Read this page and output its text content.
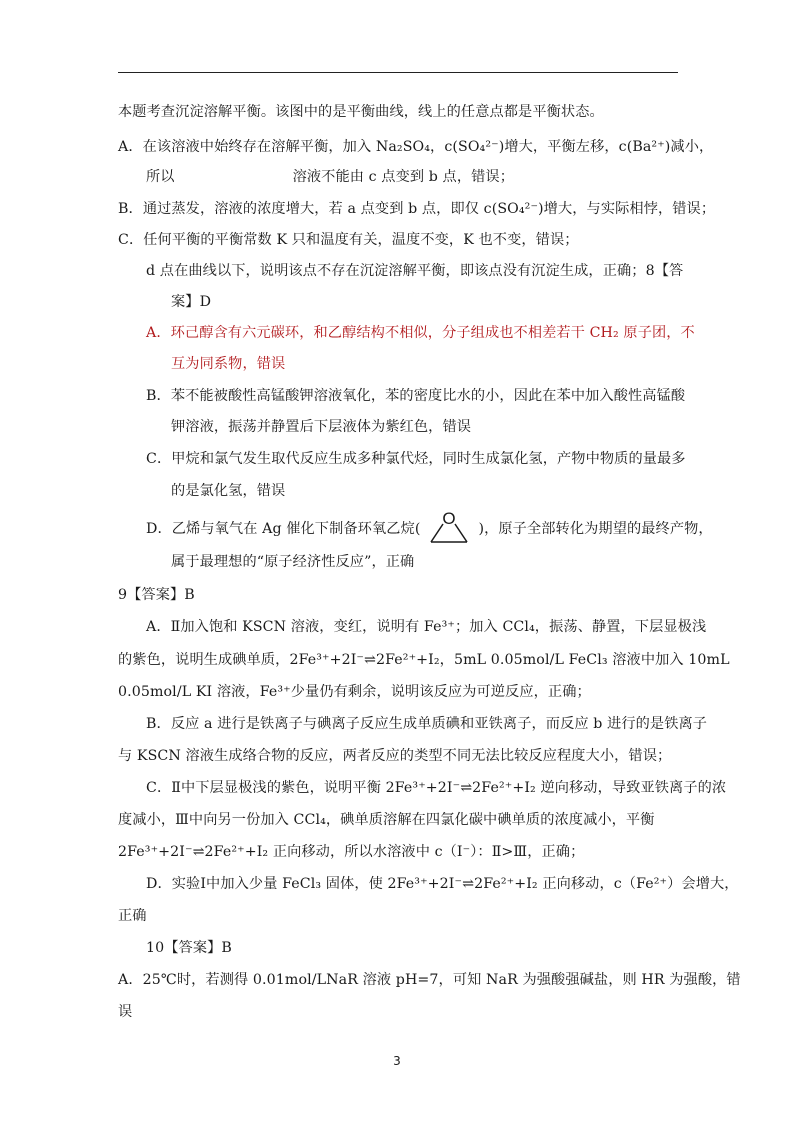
本题考查沉淀溶解平衡。该图中的是平衡曲线，线上的任意点都是平衡状态。
A．在该溶液中始终存在溶解平衡，加入 Na₂SO₄，c(SO₄²⁻)增大，平衡左移，c(Ba²⁺)减小，
所以	溶液不能由 c 点变到 b 点，错误；
B．通过蒸发，溶液的浓度增大，若 a 点变到 b 点，即仅 c(SO₄²⁻)增大，与实际相悖，错误；
C．任何平衡的平衡常数 K 只和温度有关，温度不变，K 也不变，错误；
d 点在曲线以下，说明该点不存在沉淀溶解平衡，即该点没有沉淀生成，正确；8【答
案】D
A．环己醇含有六元碳环，和乙醇结构不相似，分子组成也不相差若干 CH₂ 原子团，不
互为同系物，错误
B．苯不能被酸性高锰酸钾溶液氧化，苯的密度比水的小，因此在苯中加入酸性高锰酸
钾溶液，振荡并静置后下层液体为紫红色，错误
C．甲烷和氯气发生取代反应生成多种氯代烃，同时生成氯化氢，产物中物质的量最多
的是氯化氢，错误
D．乙烯与氧气在 Ag 催化下制备环氧乙烷(
O
)，原子全部转化为期望的最终产物，
属于最理想的“原子经济性反应”，正确
9【答案】B
A．Ⅱ加入饱和 KSCN 溶液，变红，说明有 Fe³⁺；加入 CCl₄，振荡、静置，下层显极浅
的紫色，说明生成碘单质，2Fe³⁺+2I⁻⇌2Fe²⁺+I₂，5mL 0.05mol/L FeCl₃ 溶液中加入 10mL
0.05mol/L KI 溶液，Fe³⁺少量仍有剩余，说明该反应为可逆反应，正确；
B．反应 a 进行是铁离子与碘离子反应生成单质碘和亚铁离子，而反应 b 进行的是铁离子
与 KSCN 溶液生成络合物的反应，两者反应的类型不同无法比较反应程度大小，错误；
C．Ⅱ中下层显极浅的紫色，说明平衡 2Fe³⁺+2I⁻⇌2Fe²⁺+I₂ 逆向移动，导致亚铁离子的浓
度减小，Ⅲ中向另一份加入 CCl₄，碘单质溶解在四氯化碳中碘单质的浓度减小，平衡
2Fe³⁺+2I⁻⇌2Fe²⁺+I₂ 正向移动，所以水溶液中 c（I⁻）：Ⅱ>Ⅲ，正确；
D．实验Ⅰ中加入少量 FeCl₃ 固体，使 2Fe³⁺+2I⁻⇌2Fe²⁺+I₂ 正向移动，c（Fe²⁺）会增大，
正确
10【答案】B
A．25℃时，若测得 0.01mol/LNaR 溶液 pH=7，可知 NaR 为强酸强碱盐，则 HR 为强酸，错
误
3
